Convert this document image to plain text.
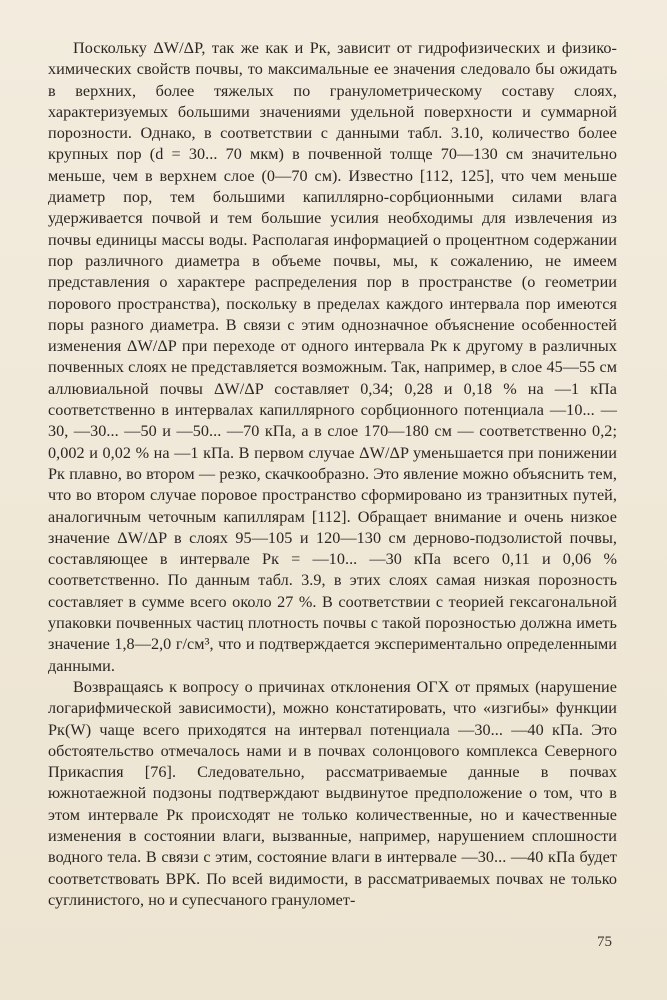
Поскольку ΔW/ΔP, так же как и Pк, зависит от гидрофизических и физико-химических свойств почвы, то максимальные ее значения следовало бы ожидать в верхних, более тяжелых по гранулометрическому составу слоях, характеризуемых большими значениями удельной поверхности и суммарной порозности. Однако, в соответствии с данными табл. 3.10, количество более крупных пор (d = 30... 70 мкм) в почвенной толще 70—130 см значительно меньше, чем в верхнем слое (0—70 см). Известно [112, 125], что чем меньше диаметр пор, тем большими капиллярно-сорбционными силами влага удерживается почвой и тем большие усилия необходимы для извлечения из почвы единицы массы воды. Располагая информацией о процентном содержании пор различного диаметра в объеме почвы, мы, к сожалению, не имеем представления о характере распределения пор в пространстве (о геометрии порового пространства), поскольку в пределах каждого интервала пор имеются поры разного диаметра. В связи с этим однозначное объяснение особенностей изменения ΔW/ΔP при переходе от одного интервала Pк к другому в различных почвенных слоях не представляется возможным. Так, например, в слое 45—55 см аллювиальной почвы ΔW/ΔP составляет 0,34; 0,28 и 0,18 % на —1 кПа соответственно в интервалах капиллярного сорбционного потенциала —10... —30, —30... —50 и —50... —70 кПа, а в слое 170—180 см — соответственно 0,2; 0,002 и 0,02 % на —1 кПа. В первом случае ΔW/ΔP уменьшается при понижении Pк плавно, во втором — резко, скачкообразно. Это явление можно объяснить тем, что во втором случае поровое пространство сформировано из транзитных путей, аналогичным четочным капиллярам [112]. Обращает внимание и очень низкое значение ΔW/ΔP в слоях 95—105 и 120—130 см дерново-подзолистой почвы, составляющее в интервале Pк = —10... —30 кПа всего 0,11 и 0,06 % соответственно. По данным табл. 3.9, в этих слоях самая низкая порозность составляет в сумме всего около 27 %. В соответствии с теорией гексагональной упаковки почвенных частиц плотность почвы с такой порозностью должна иметь значение 1,8—2,0 г/см³, что и подтверждается экспериментально определенными данными.

Возвращаясь к вопросу о причинах отклонения ОГХ от прямых (нарушение логарифмической зависимости), можно констатировать, что «изгибы» функции Pк(W) чаще всего приходятся на интервал потенциала —30... —40 кПа. Это обстоятельство отмечалось нами и в почвах солонцового комплекса Северного Прикаспия [76]. Следовательно, рассматриваемые данные в почвах южнотаежной подзоны подтверждают выдвинутое предположение о том, что в этом интервале Pк происходят не только количественные, но и качественные изменения в состоянии влаги, вызванные, например, нарушением сплошности водного тела. В связи с этим, состояние влаги в интервале —30... —40 кПа будет соответствовать ВРК. По всей видимости, в рассматриваемых почвах не только суглинистого, но и супесчаного грануломет-

75
